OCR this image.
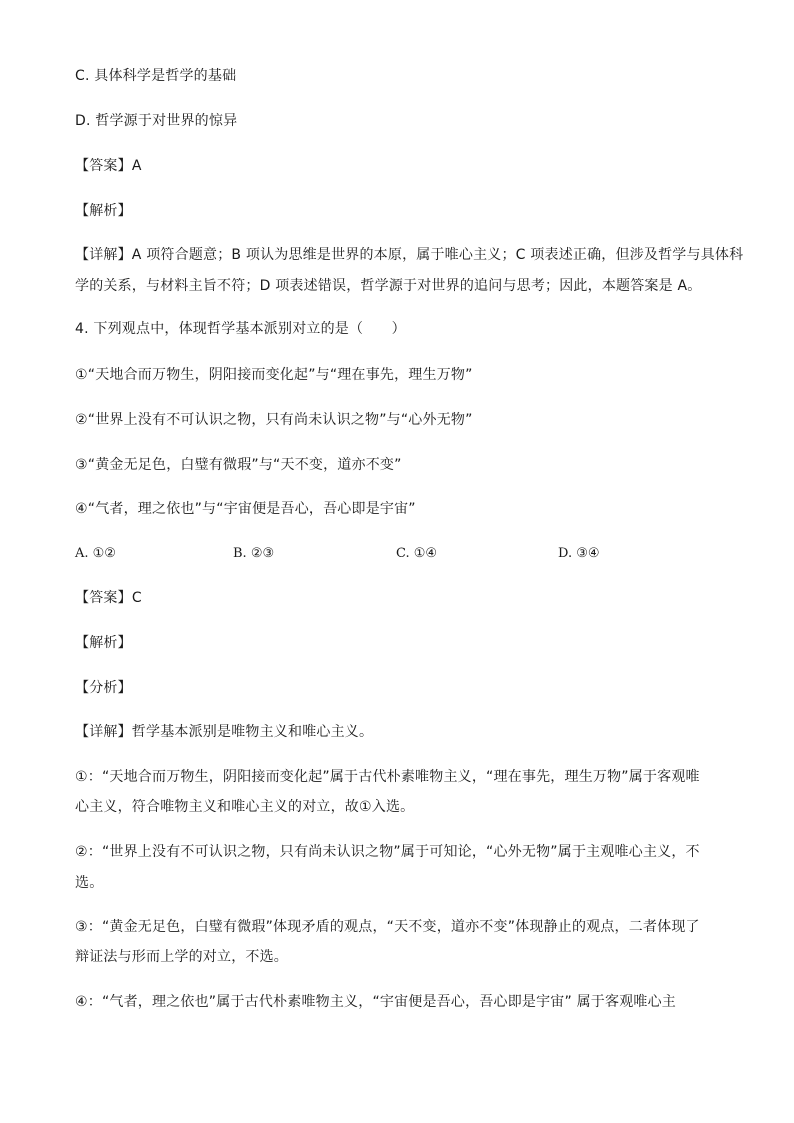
C. 具体科学是哲学的基础
D. 哲学源于对世界的惊异
【答案】A
【解析】
【详解】A 项符合题意；B 项认为思维是世界的本原，属于唯心主义；C 项表述正确，但涉及哲学与具体科
学的关系，与材料主旨不符；D 项表述错误，哲学源于对世界的追问与思考；因此，本题答案是 A。
4. 下列观点中，体现哲学基本派别对立的是（　　）
①“天地合而万物生，阴阳接而变化起”与“理在事先，理生万物”
②“世界上没有不可认识之物，只有尚未认识之物”与“心外无物”
③“黄金无足色，白璧有微瑕”与“天不变，道亦不变”
④“气者，理之依也”与“宇宙便是吾心，吾心即是宇宙”
A. ①②	B. ②③	C. ①④	D. ③④
【答案】C
【解析】
【分析】
【详解】哲学基本派别是唯物主义和唯心主义。
①：“天地合而万物生，阴阳接而变化起”属于古代朴素唯物主义，“理在事先，理生万物”属于客观唯
心主义，符合唯物主义和唯心主义的对立，故①入选。
②：“世界上没有不可认识之物，只有尚未认识之物”属于可知论，“心外无物”属于主观唯心主义，不
选。
③：“黄金无足色，白璧有微瑕”体现矛盾的观点，“天不变，道亦不变”体现静止的观点，二者体现了
辩证法与形而上学的对立，不选。
④：“气者，理之依也”属于古代朴素唯物主义，“宇宙便是吾心，吾心即是宇宙” 属于客观唯心主
